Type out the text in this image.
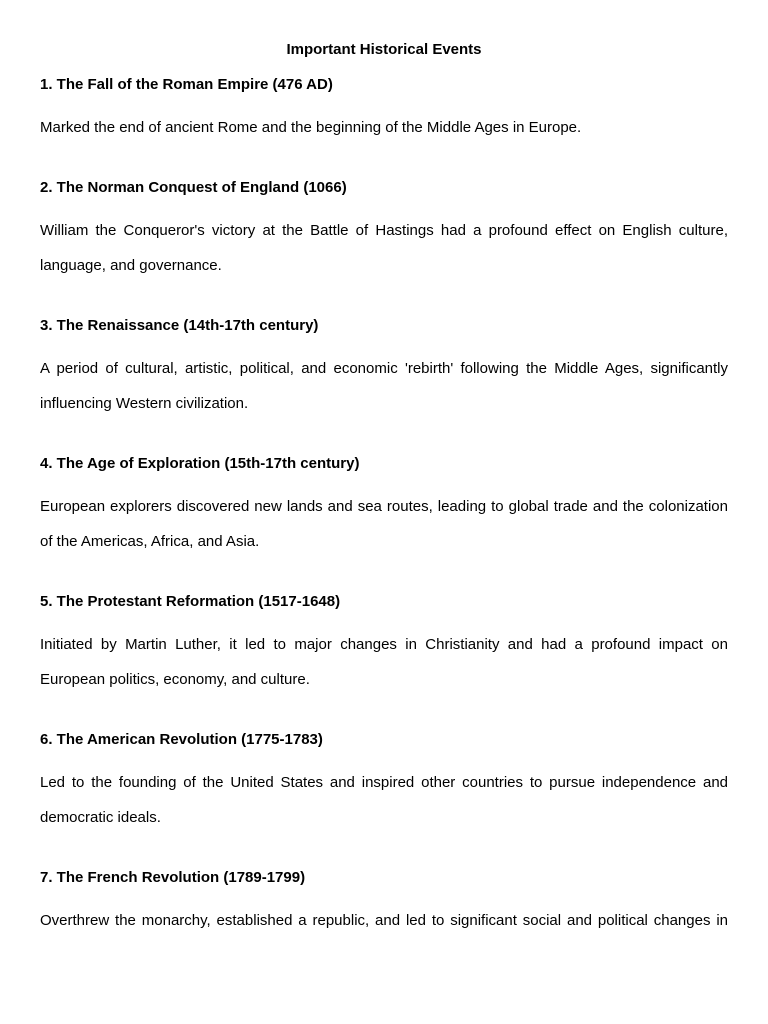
Important Historical Events
1. The Fall of the Roman Empire (476 AD)

Marked the end of ancient Rome and the beginning of the Middle Ages in Europe.

2. The Norman Conquest of England (1066)

William the Conqueror's victory at the Battle of Hastings had a profound effect on English culture, language, and governance.

3. The Renaissance (14th-17th century)

A period of cultural, artistic, political, and economic 'rebirth' following the Middle Ages, significantly influencing Western civilization.

4. The Age of Exploration (15th-17th century)

European explorers discovered new lands and sea routes, leading to global trade and the colonization of the Americas, Africa, and Asia.

5. The Protestant Reformation (1517-1648)

Initiated by Martin Luther, it led to major changes in Christianity and had a profound impact on European politics, economy, and culture.

6. The American Revolution (1775-1783)

Led to the founding of the United States and inspired other countries to pursue independence and democratic ideals.

7. The French Revolution (1789-1799)

Overthrew the monarchy, established a republic, and led to significant social and political changes in
